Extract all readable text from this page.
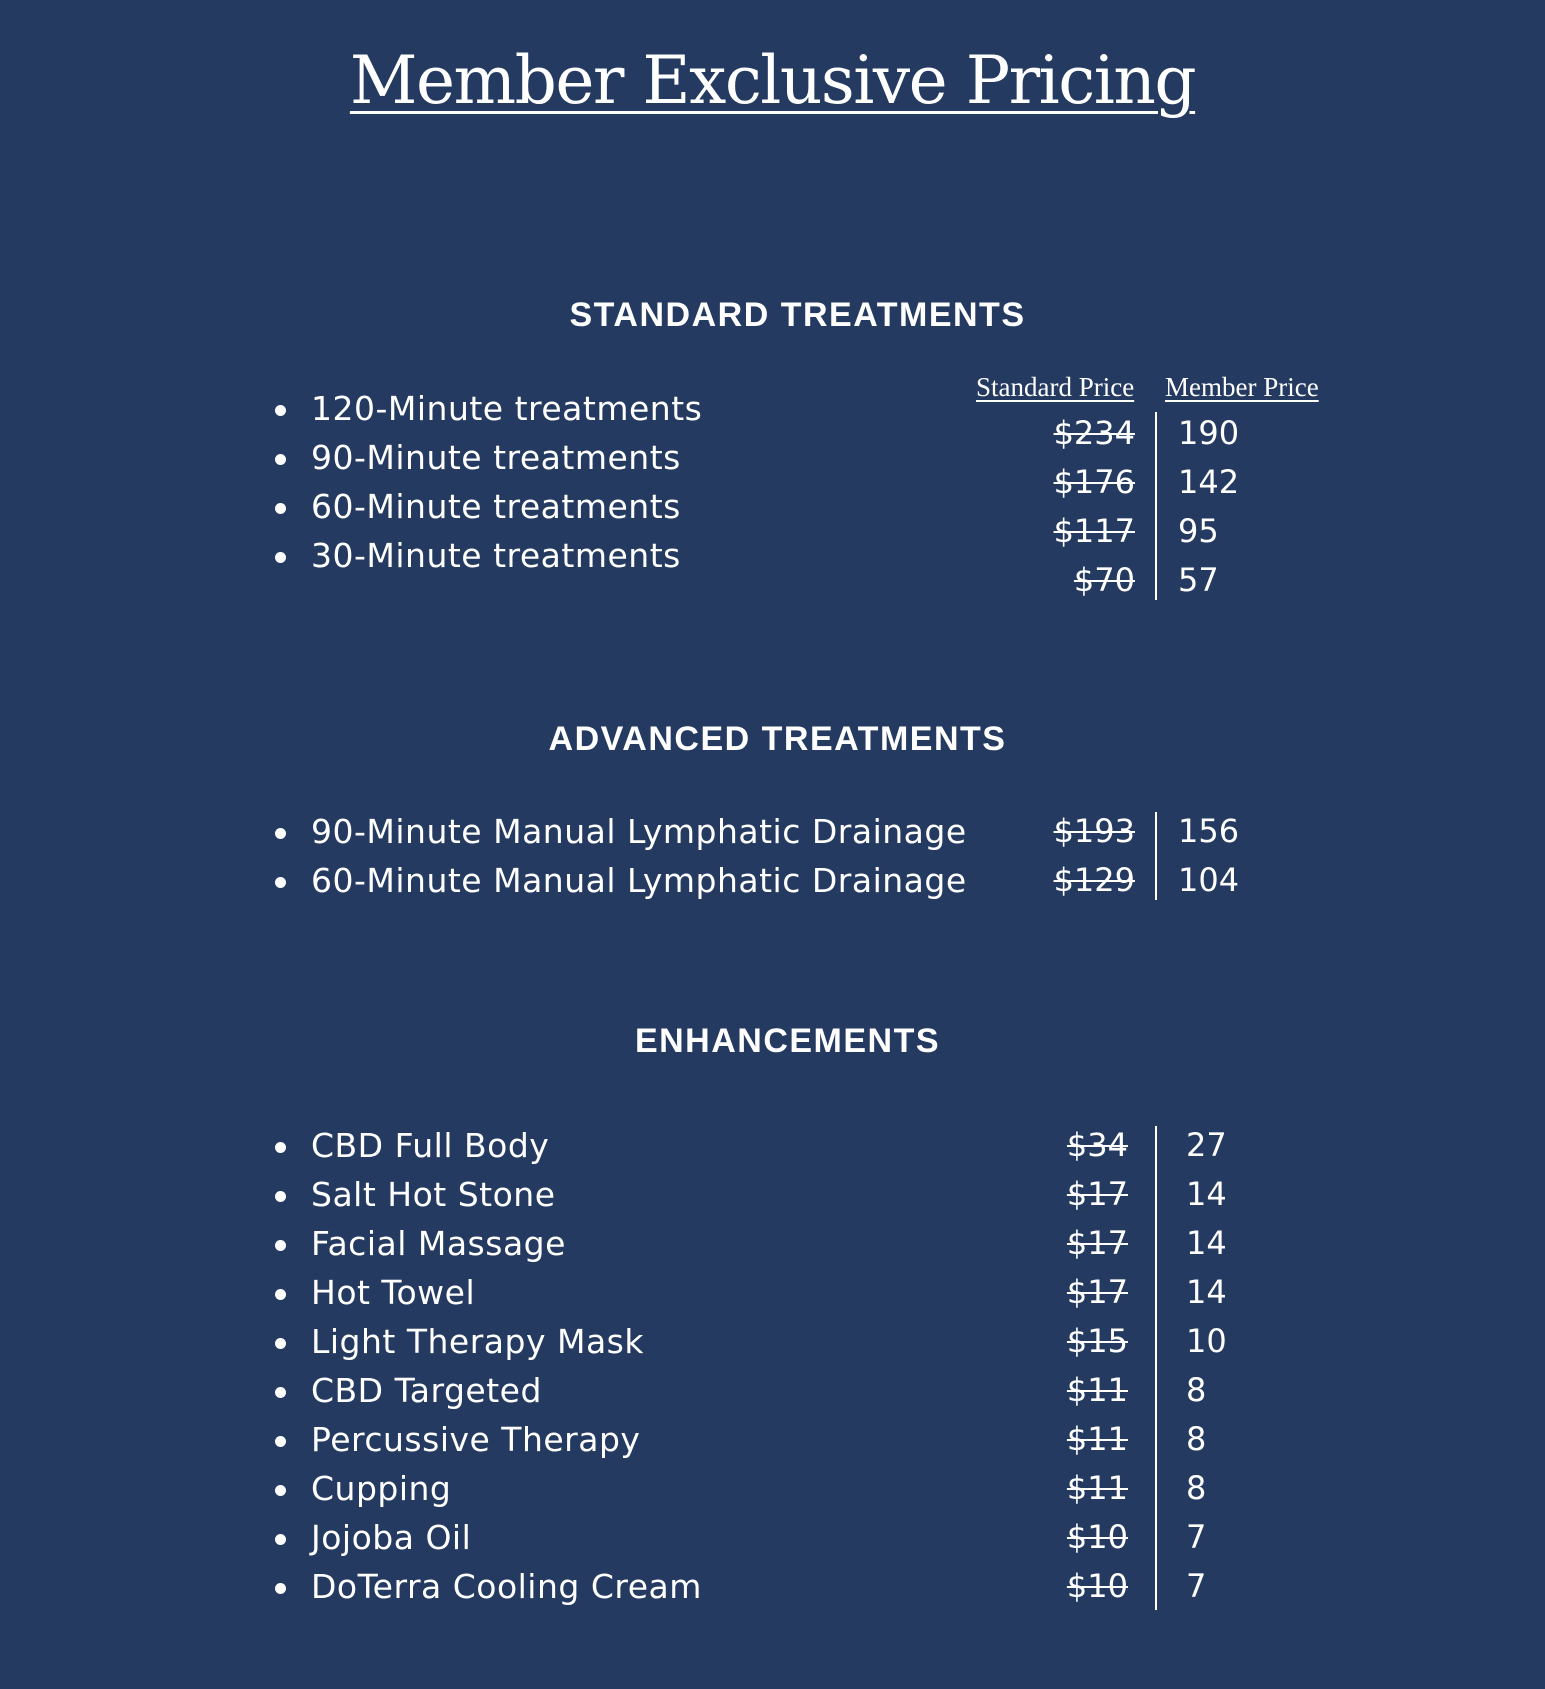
Member Exclusive Pricing
STANDARD TREATMENTS
Standard Price Member Price
120-Minute treatments
90-Minute treatments
60-Minute treatments
30-Minute treatments
$234 190
$176 142
$117 95
$70 57
ADVANCED TREATMENTS
90-Minute Manual Lymphatic Drainage
60-Minute Manual Lymphatic Drainage
$193 156
$129 104
ENHANCEMENTS
CBD Full Body
Salt Hot Stone
Facial Massage
Hot Towel
Light Therapy Mask
CBD Targeted
Percussive Therapy
Cupping
Jojoba Oil
DoTerra Cooling Cream
$34 27
$17 14
$17 14
$17 14
$15 10
$11 8
$11 8
$11 8
$10 7
$10 7
